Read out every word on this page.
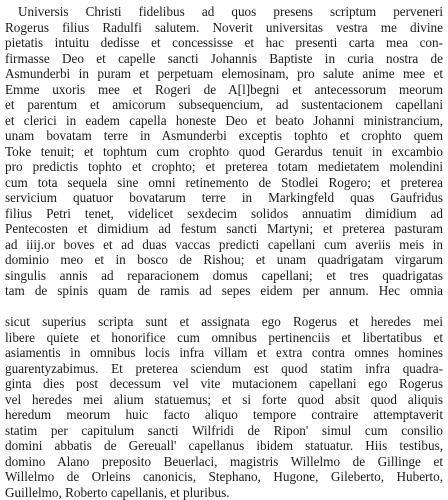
Universis Christi fidelibus ad quos presens scriptum perveneri
Rogerus filius Radulfi salutem. Noverit universitas vestra me divine
pietatis intuitu dedisse et concessisse et hac presenti carta mea con-
firmasse Deo et capelle sancti Johannis Baptiste in curia nostra de
Asmunderbi in puram et perpetuam elemosinam, pro salute anime mee et
Emme uxoris mee et Rogeri de A[l]begni et antecessorum meorum
et parentum et amicorum subsequencium, ad sustentacionem capellani
et clerici in eadem capella honeste Deo et beato Johanni ministrancium,
unam bovatam terre in Asmunderbi exceptis tophto et crophto quem
Toke tenuit; et tophtum cum crophto quod Gerardus tenuit in excambio
pro predictis tophto et crophto; et preterea totam medietatem molendini
cum tota sequela sine omni retinemento de Stodlei Rogero; et preterea
servicium quatuor bovatarum terre in Markingfeld quas Gaufridus
filius Petri tenet, videlicet sexdecim solidos annuatim dimidium ad
Pentecosten et dimidium ad festum sancti Martyni; et preterea pasturam
ad iiij.or boves et ad duas vaccas predicti capellani cum averiis meis in
dominio meo et in bosco de Rishou; et unam quadrigatam virgarum
singulis annis ad reparacionem domus capellani; et tres quadrigatas
tam de spinis quam de ramis ad sepes eidem per annum. Hec omnia
sicut superius scripta sunt et assignata ego Rogerus et heredes mei
libere quiete et honorifice cum omnibus pertinenciis et libertatibus et
asiamentis in omnibus locis infra villam et extra contra omnes homines
guarentyzabimus. Et preterea sciendum est quod statim infra quadra-
ginta dies post decessum vel vite mutacionem capellani ego Rogerus
vel heredes mei alium statuemus; et si forte quod absit quod aliquis
heredum meorum huic facto aliquo tempore contraire attemptaverit
statim per capitulum sancti Wilfridi de Ripon' simul cum consilio
domini abbatis de Gereuall' capellanus ibidem statuatur. Hiis testibus,
domino Alano preposito Beuerlaci, magistris Willelmo de Gillinge et
Willelmo de Orleins canonicis, Stephano, Hugone, Gileberto, Huberto,
Guillelmo, Roberto capellanis, et pluribus.
